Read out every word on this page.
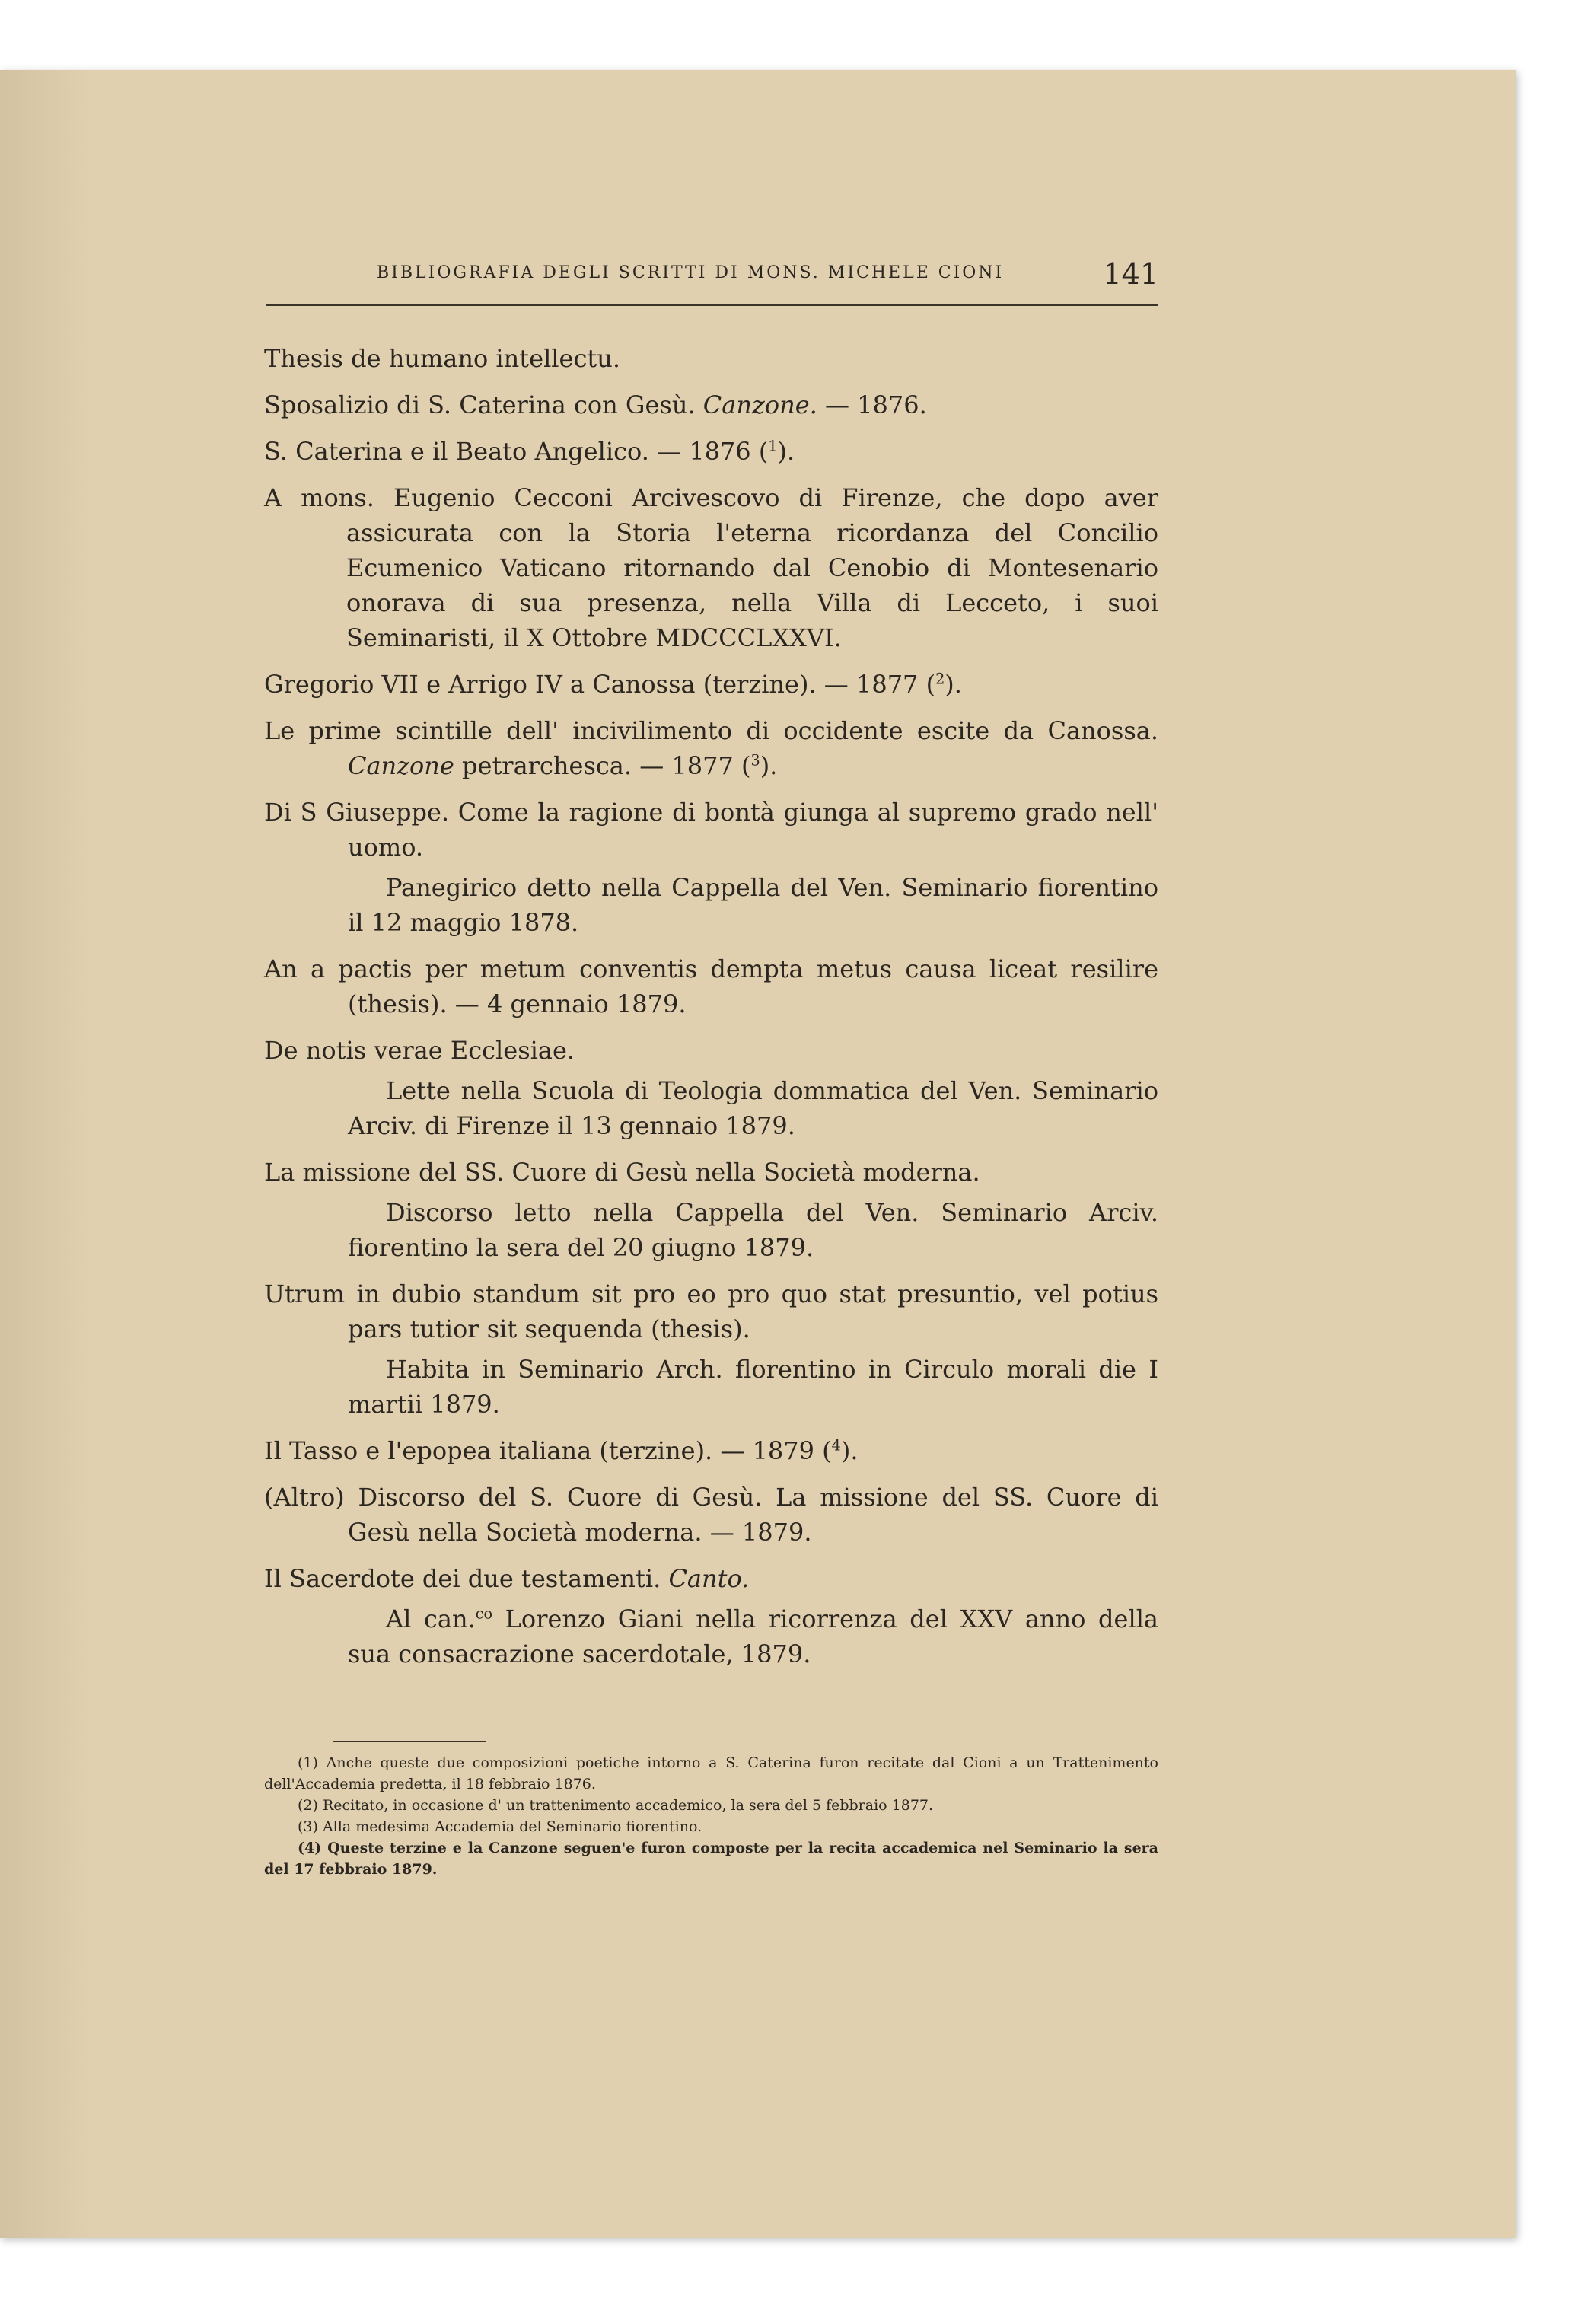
BIBLIOGRAFIA DEGLI SCRITTI DI MONS. MICHELE CIONI	141

Thesis de humano intellectu.

Sposalizio di S. Caterina con Gesù. Canzone. — 1876.

S. Caterina e il Beato Angelico. — 1876 ($^1$).

A mons. Eugenio Cecconi Arcivescovo di Firenze, che dopo aver assicurata con la Storia l'eterna ricordanza del Concilio Ecumenico Vaticano ritornando dal Cenobio di Montesenario onorava di sua presenza, nella Villa di Lecceto, i suoi Seminaristi, il X Ottobre MDCCCLXXVI.

Gregorio VII e Arrigo IV a Canossa (terzine). — 1877 ($^2$).

Le prime scintille dell' incivilimento di occidente escite da Canossa. Canzone petrarchesca. — 1877 ($^3$).

Di S Giuseppe. Come la ragione di bontà giunga al supremo grado nell' uomo.

Panegirico detto nella Cappella del Ven. Seminario fiorentino il 12 maggio 1878.

An a pactis per metum conventis dempta metus causa liceat resilire (thesis). — 4 gennaio 1879.

De notis verae Ecclesiae.

Lette nella Scuola di Teologia dommatica del Ven. Seminario Arciv. di Firenze il 13 gennaio 1879.

La missione del SS. Cuore di Gesù nella Società moderna.

Discorso letto nella Cappella del Ven. Seminario Arciv. fiorentino la sera del 20 giugno 1879.

Utrum in dubio standum sit pro eo pro quo stat presuntio, vel potius pars tutior sit sequenda (thesis).

Habita in Seminario Arch. florentino in Circulo morali die I martii 1879.

Il Tasso e l'epopea italiana (terzine). — 1879 ($^4$).

(Altro) Discorso del S. Cuore di Gesù. La missione del SS. Cuore di Gesù nella Società moderna. — 1879.

Il Sacerdote dei due testamenti. Canto.

Al can.$^{co}$ Lorenzo Giani nella ricorrenza del XXV anno della sua consacrazione sacerdotale, 1879.

(1) Anche queste due composizioni poetiche intorno a S. Caterina furon recitate dal Cioni a un Trattenimento dell'Accademia predetta, il 18 febbraio 1876.

(2) Recitato, in occasione d' un trattenimento accademico, la sera del 5 febbraio 1877.

(3) Alla medesima Accademia del Seminario fiorentino.

(4) Queste terzine e la Canzone seguen'e furon composte per la recita accademica nel Seminario la sera del 17 febbraio 1879.
